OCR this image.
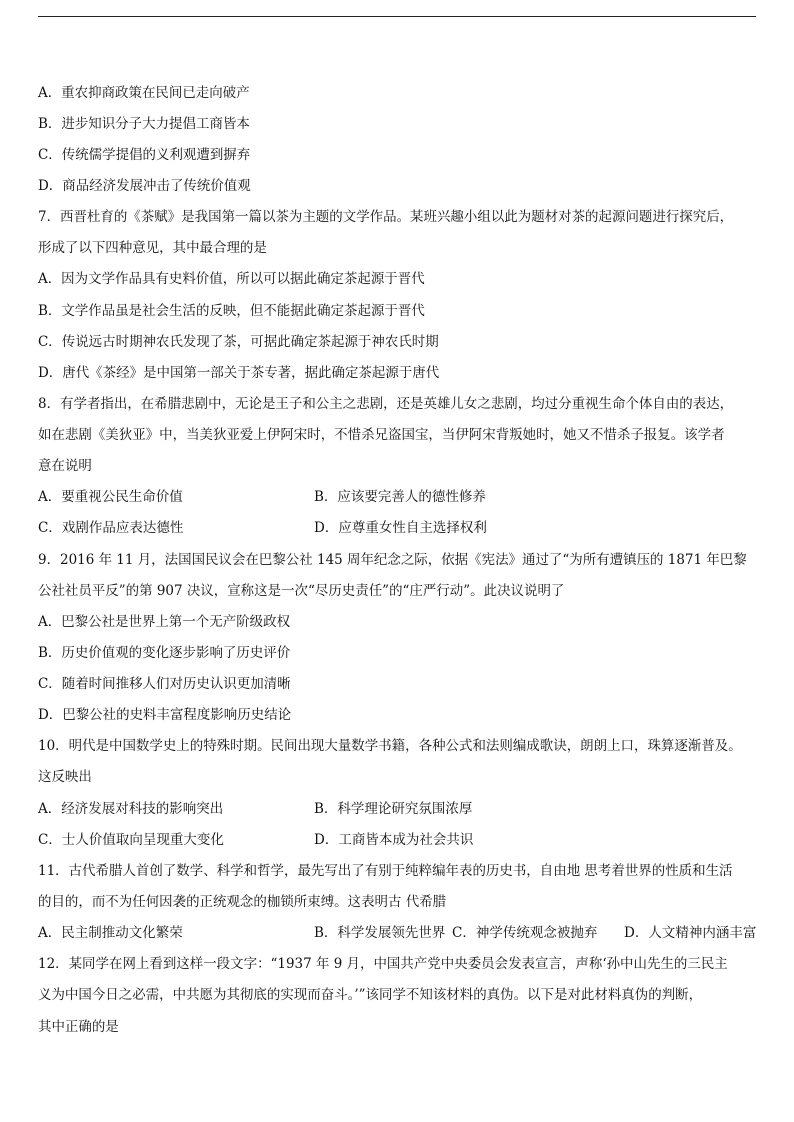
A．重农抑商政策在民间已走向破产
B．进步知识分子大力提倡工商皆本
C．传统儒学提倡的义利观遭到摒弃
D．商品经济发展冲击了传统价值观
7．西晋杜育的《茶赋》是我国第一篇以茶为主题的文学作品。某班兴趣小组以此为题材对茶的起源问题进行探究后，
形成了以下四种意见，其中最合理的是
A．因为文学作品具有史料价值，所以可以据此确定茶起源于晋代
B．文学作品虽是社会生活的反映，但不能据此确定茶起源于晋代
C．传说远古时期神农氏发现了茶，可据此确定茶起源于神农氏时期
D．唐代《茶经》是中国第一部关于茶专著，据此确定茶起源于唐代
8．有学者指出，在希腊悲剧中，无论是王子和公主之悲剧，还是英雄儿女之悲剧，均过分重视生命个体自由的表达，
如在悲剧《美狄亚》中，当美狄亚爱上伊阿宋时，不惜杀兄盗国宝，当伊阿宋背叛她时，她又不惜杀子报复。该学者
意在说明
A．要重视公民生命价值	B．应该要完善人的德性修养
C．戏剧作品应表达德性	D．应尊重女性自主选择权利
9．2016 年 11 月，法国国民议会在巴黎公社 145 周年纪念之际，依据《宪法》通过了“为所有遭镇压的 1871 年巴黎
公社社员平反”的第 907 决议，宣称这是一次“尽历史责任”的“庄严行动”。此决议说明了
A．巴黎公社是世界上第一个无产阶级政权
B．历史价值观的变化逐步影响了历史评价
C．随着时间推移人们对历史认识更加清晰
D．巴黎公社的史料丰富程度影响历史结论
10．明代是中国数学史上的特殊时期。民间出现大量数学书籍，各种公式和法则编成歌诀，朗朗上口，珠算逐渐普及。
这反映出
A．经济发展对科技的影响突出	B．科学理论研究氛围浓厚
C．士人价值取向呈现重大变化	D．工商皆本成为社会共识
11．古代希腊人首创了数学、科学和哲学，最先写出了有别于纯粹编年表的历史书，自由地 思考着世界的性质和生活
的目的，而不为任何因袭的正统观念的枷锁所束缚。这表明古 代希腊
A．民主制推动文化繁荣	B．科学发展领先世界 C．神学传统观念被抛弃 D．人文精神内涵丰富
12．某同学在网上看到这样一段文字：“1937 年 9 月，中国共产党中央委员会发表宣言，声称‘孙中山先生的三民主
义为中国今日之必需，中共愿为其彻底的实现而奋斗。’”该同学不知该材料的真伪。以下是对此材料真伪的判断，
其中正确的是
